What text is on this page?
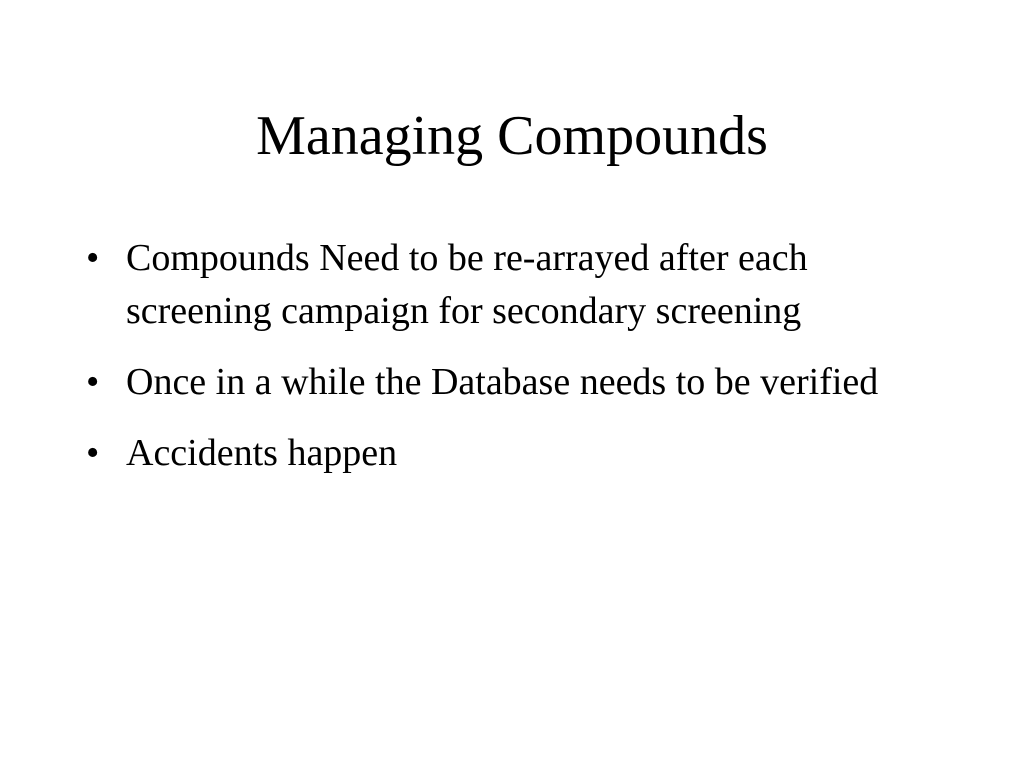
Managing Compounds
• Compounds Need to be re-arrayed after each screening campaign for secondary screening
• Once in a while the Database needs to be verified
• Accidents happen
